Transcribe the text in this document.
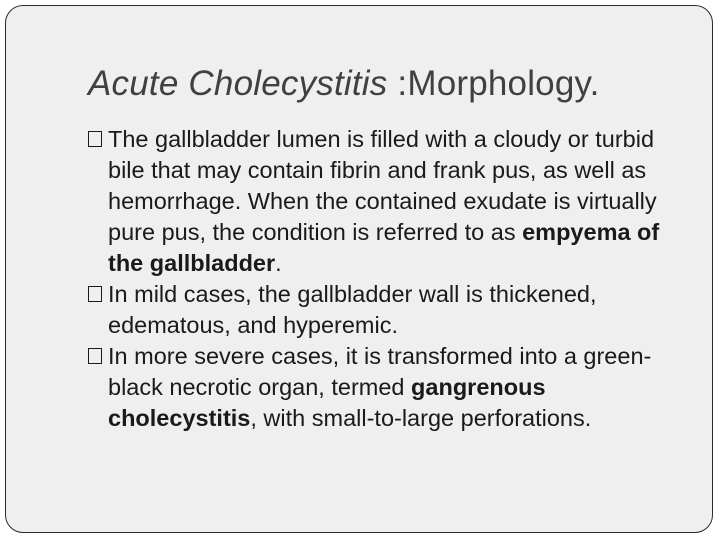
Acute Cholecystitis :Morphology.
The gallbladder lumen is filled with a cloudy or turbid bile that may contain fibrin and frank pus, as well as hemorrhage. When the contained exudate is virtually pure pus, the condition is referred to as empyema of the gallbladder.
In mild cases, the gallbladder wall is thickened, edematous, and hyperemic.
In more severe cases, it is transformed into a green-black necrotic organ, termed gangrenous cholecystitis, with small-to-large perforations.
